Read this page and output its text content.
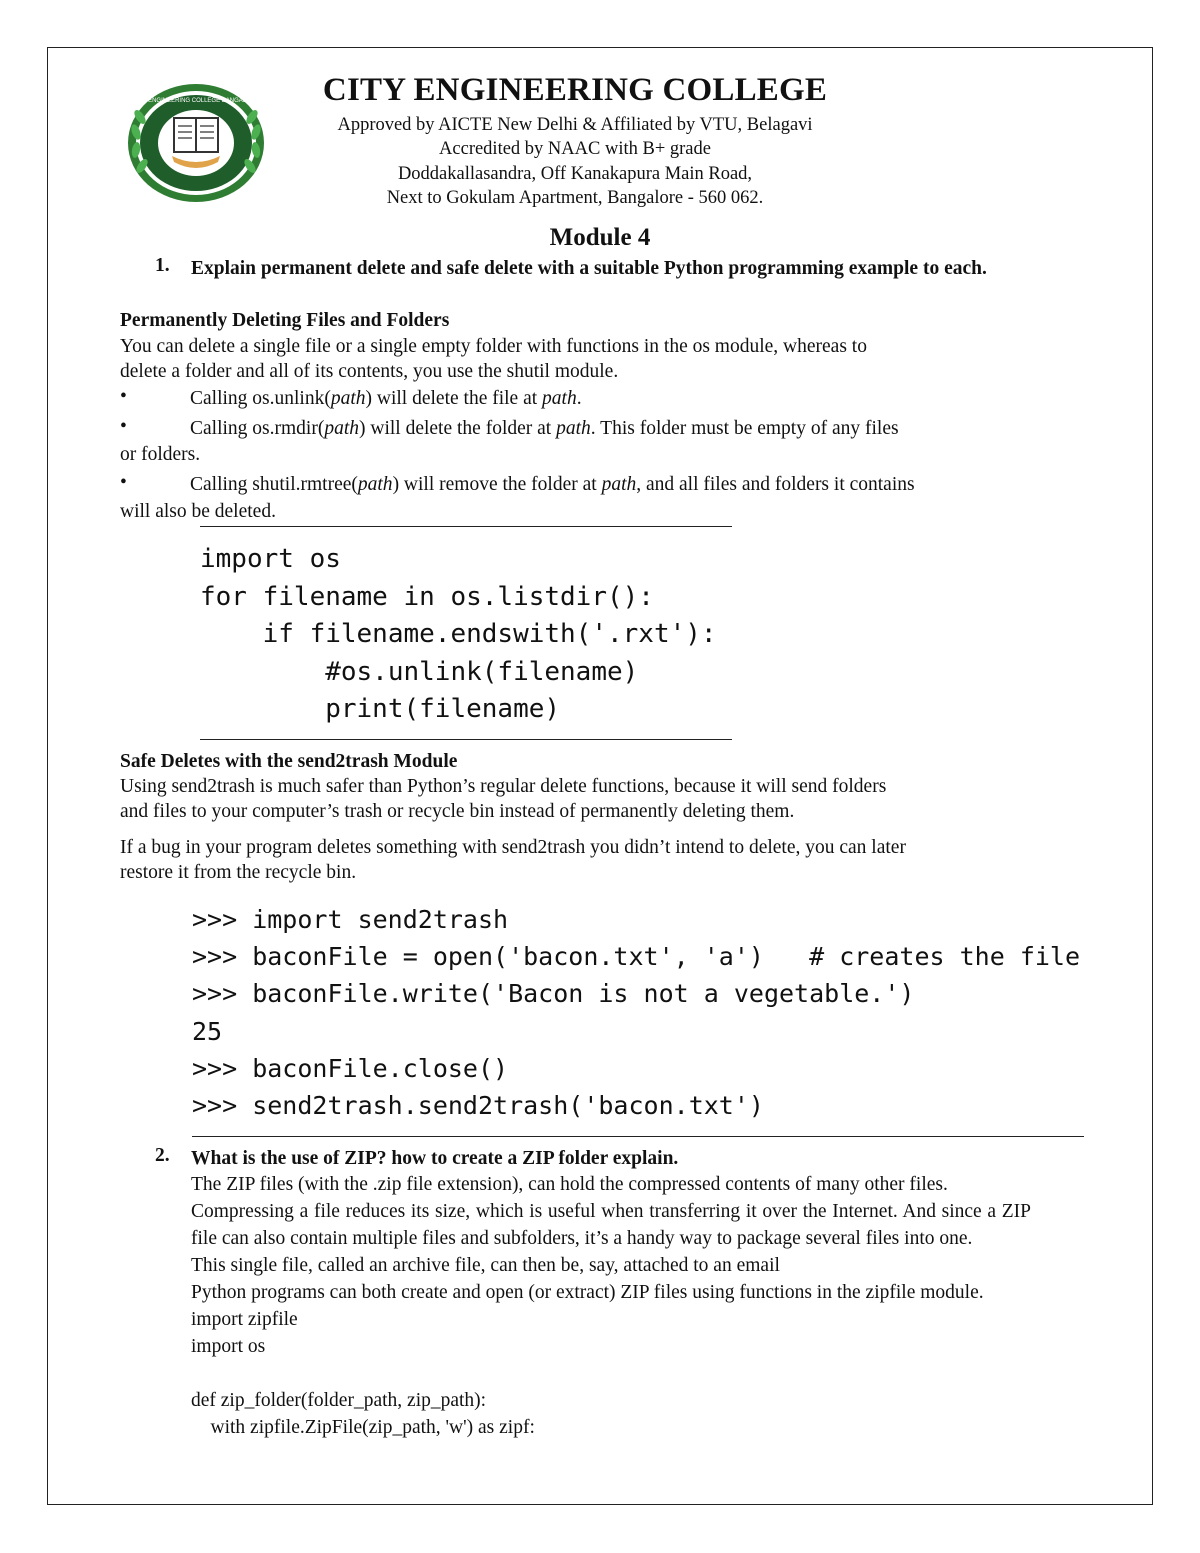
CITY ENGINEERING COLLEGE BANGALORE	CITY ENGINEERING COLLEGE
Approved by AICTE New Delhi & Affiliated by VTU, Belagavi
Accredited by NAAC with B+ grade
Doddakallasandra, Off Kanakapura Main Road,
Next to Gokulam Apartment, Bangalore - 560 062.
Module 4
1. Explain permanent delete and safe delete with a suitable Python programming example to each.
Permanently Deleting Files and Folders
You can delete a single file or a single empty folder with functions in the os module, whereas to
delete a folder and all of its contents, you use the shutil module.
•	Calling os.unlink(path) will delete the file at path.
•	Calling os.rmdir(path) will delete the folder at path. This folder must be empty of any files
or folders.
•	Calling shutil.rmtree(path) will remove the folder at path, and all files and folders it contains
will also be deleted.
import os
for filename in os.listdir():
if filename.endswith('.rxt'):
#os.unlink(filename)
print(filename)
Safe Deletes with the send2trash Module
Using send2trash is much safer than Python’s regular delete functions, because it will send folders
and files to your computer’s trash or recycle bin instead of permanently deleting them.
If a bug in your program deletes something with send2trash you didn’t intend to delete, you can later
restore it from the recycle bin.
>>> import send2trash
>>> baconFile = open('bacon.txt', 'a')   # creates the file
>>> baconFile.write('Bacon is not a vegetable.')
25
>>> baconFile.close()
>>> send2trash.send2trash('bacon.txt')
2. What is the use of ZIP? how to create a ZIP folder explain.
The ZIP files (with the .zip file extension), can hold the compressed contents of many other files.
Compressing a file reduces its size, which is useful when transferring it over the Internet. And since a ZIP file can also contain multiple files and subfolders, it’s a handy way to package several files into one.
This single file, called an archive file, can then be, say, attached to an email
Python programs can both create and open (or extract) ZIP files using functions in the zipfile module.
import zipfile
import os
def zip_folder(folder_path, zip_path):
with zipfile.ZipFile(zip_path, 'w') as zipf:
